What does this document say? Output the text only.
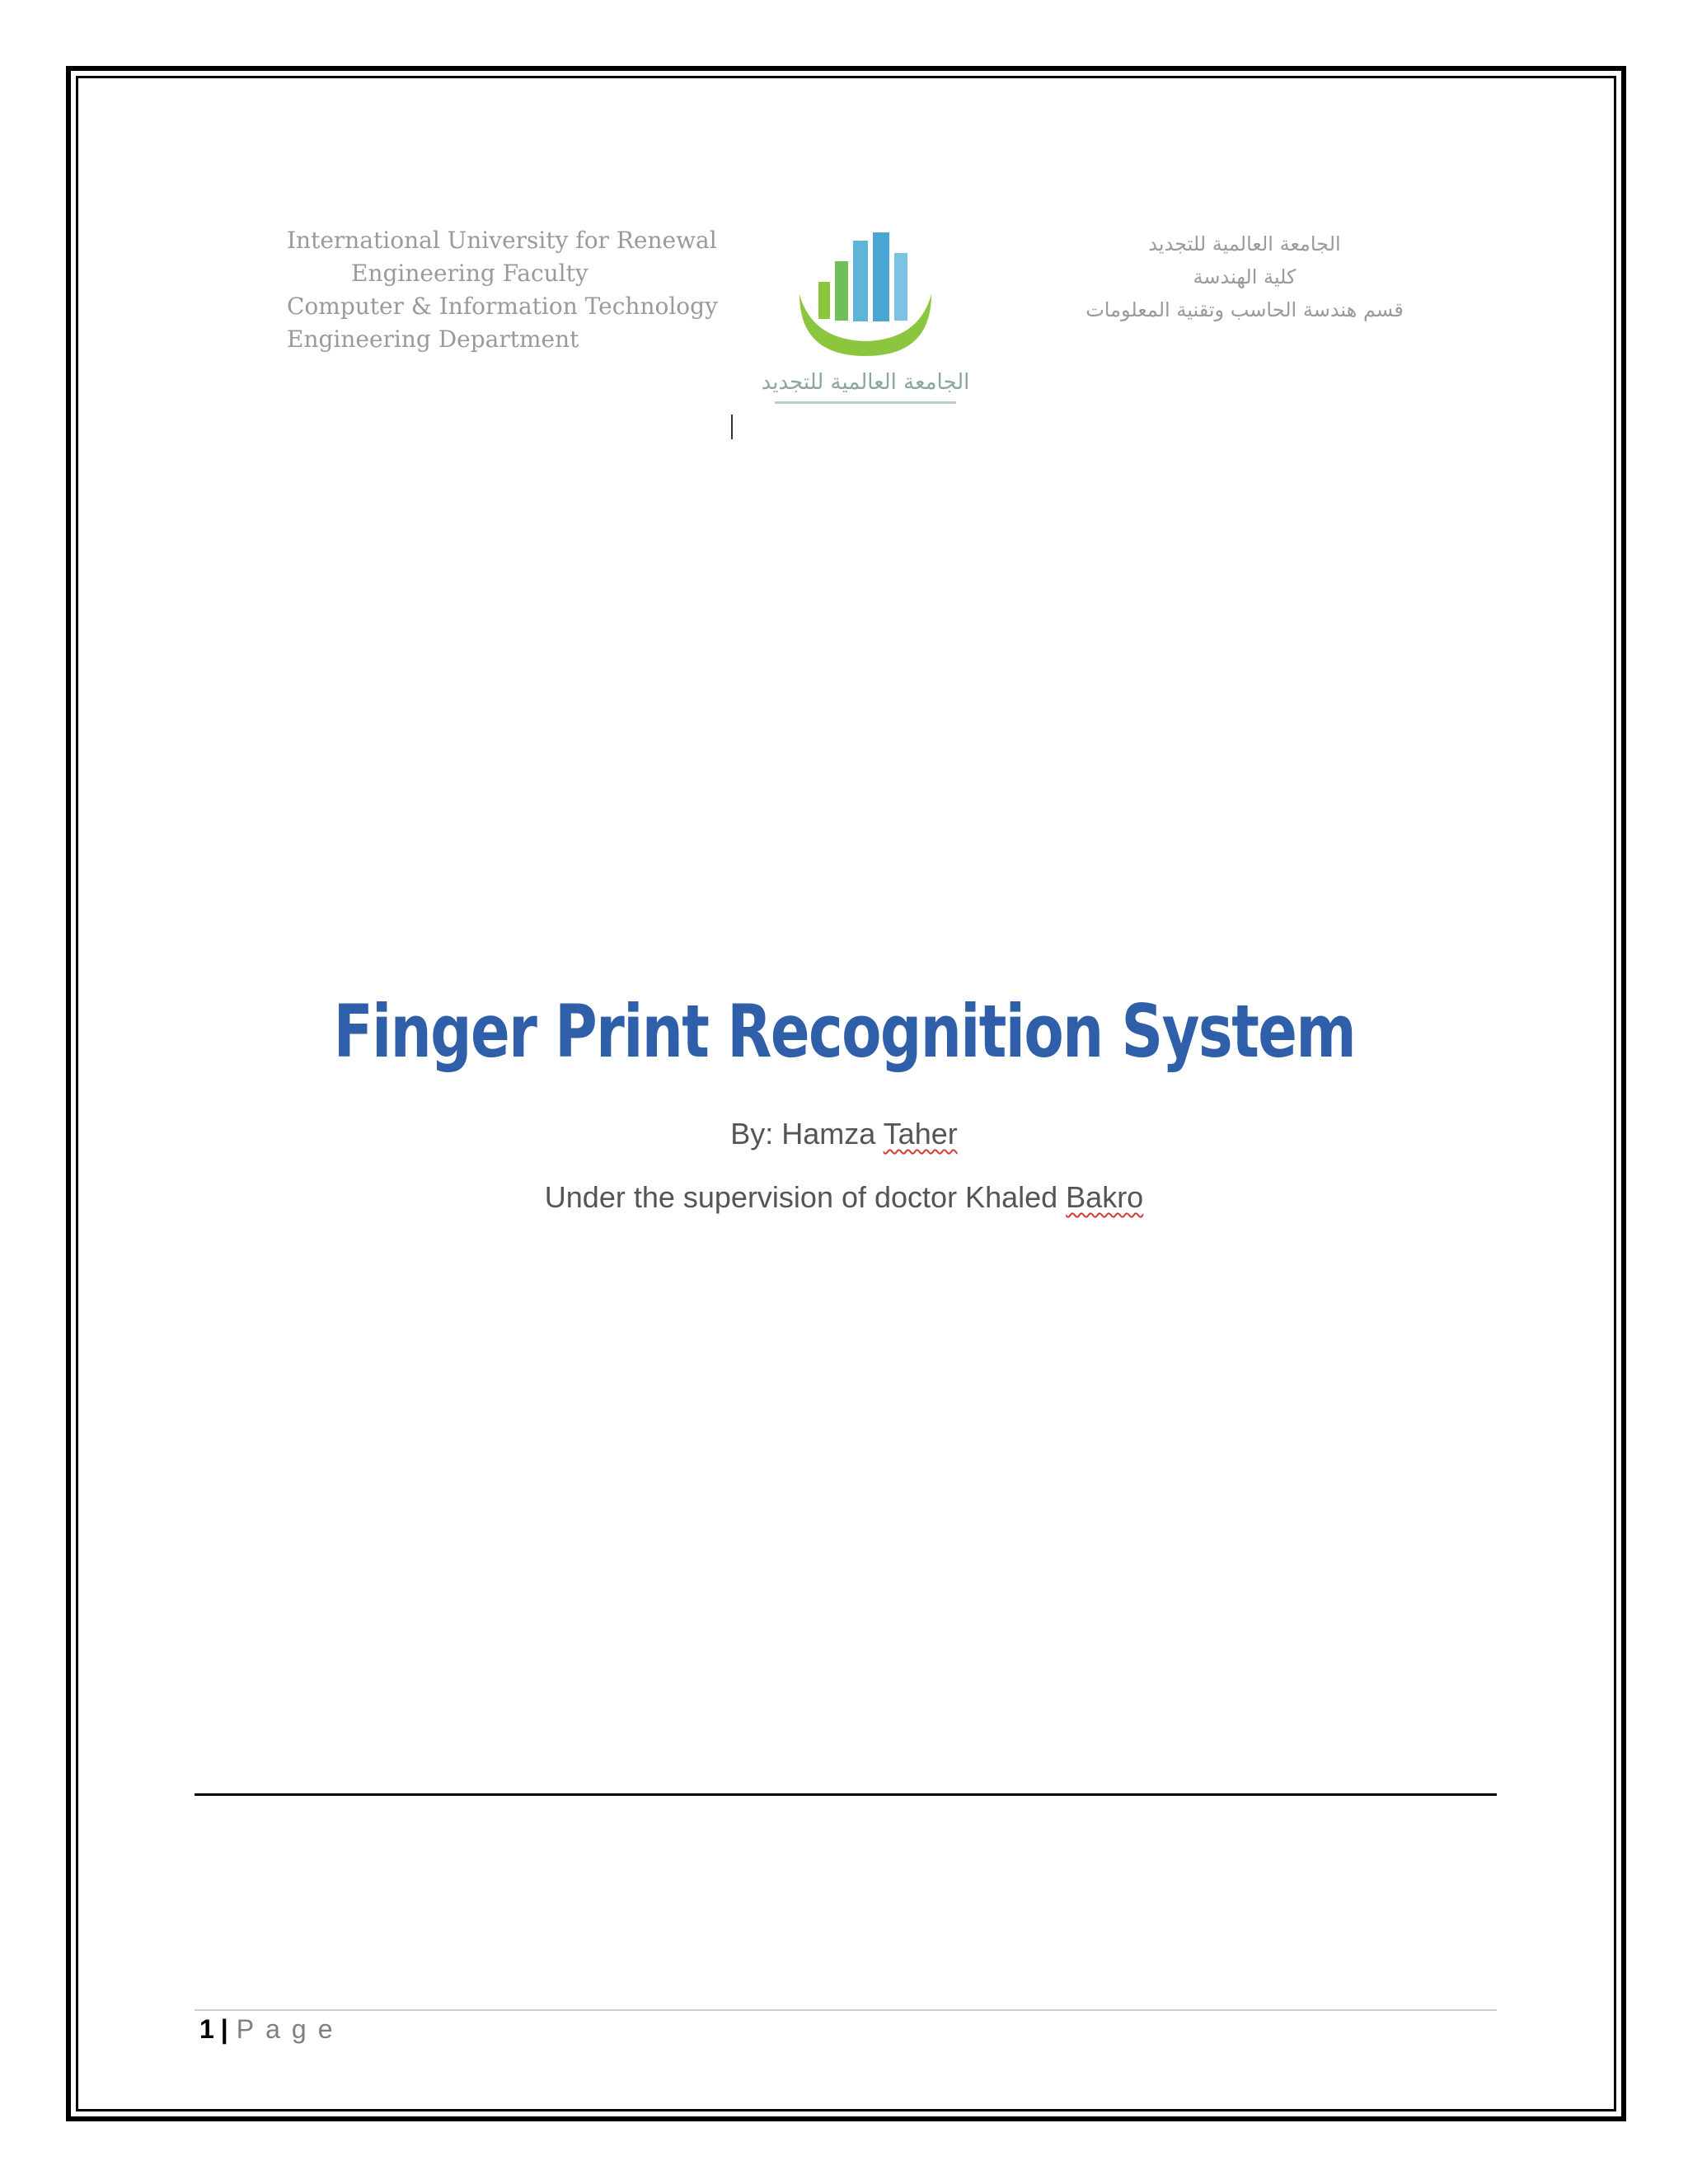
International University for Renewal
Engineering Faculty
Computer & Information Technology
Engineering Department
الجامعة العالمية للتجديد
الجامعة العالمية للتجديد
كلية الهندسة
قسم هندسة الحاسب وتقنية المعلومات
Finger Print Recognition System
By: Hamza Taher
Under the supervision of doctor Khaled Bakro
1 | Page
